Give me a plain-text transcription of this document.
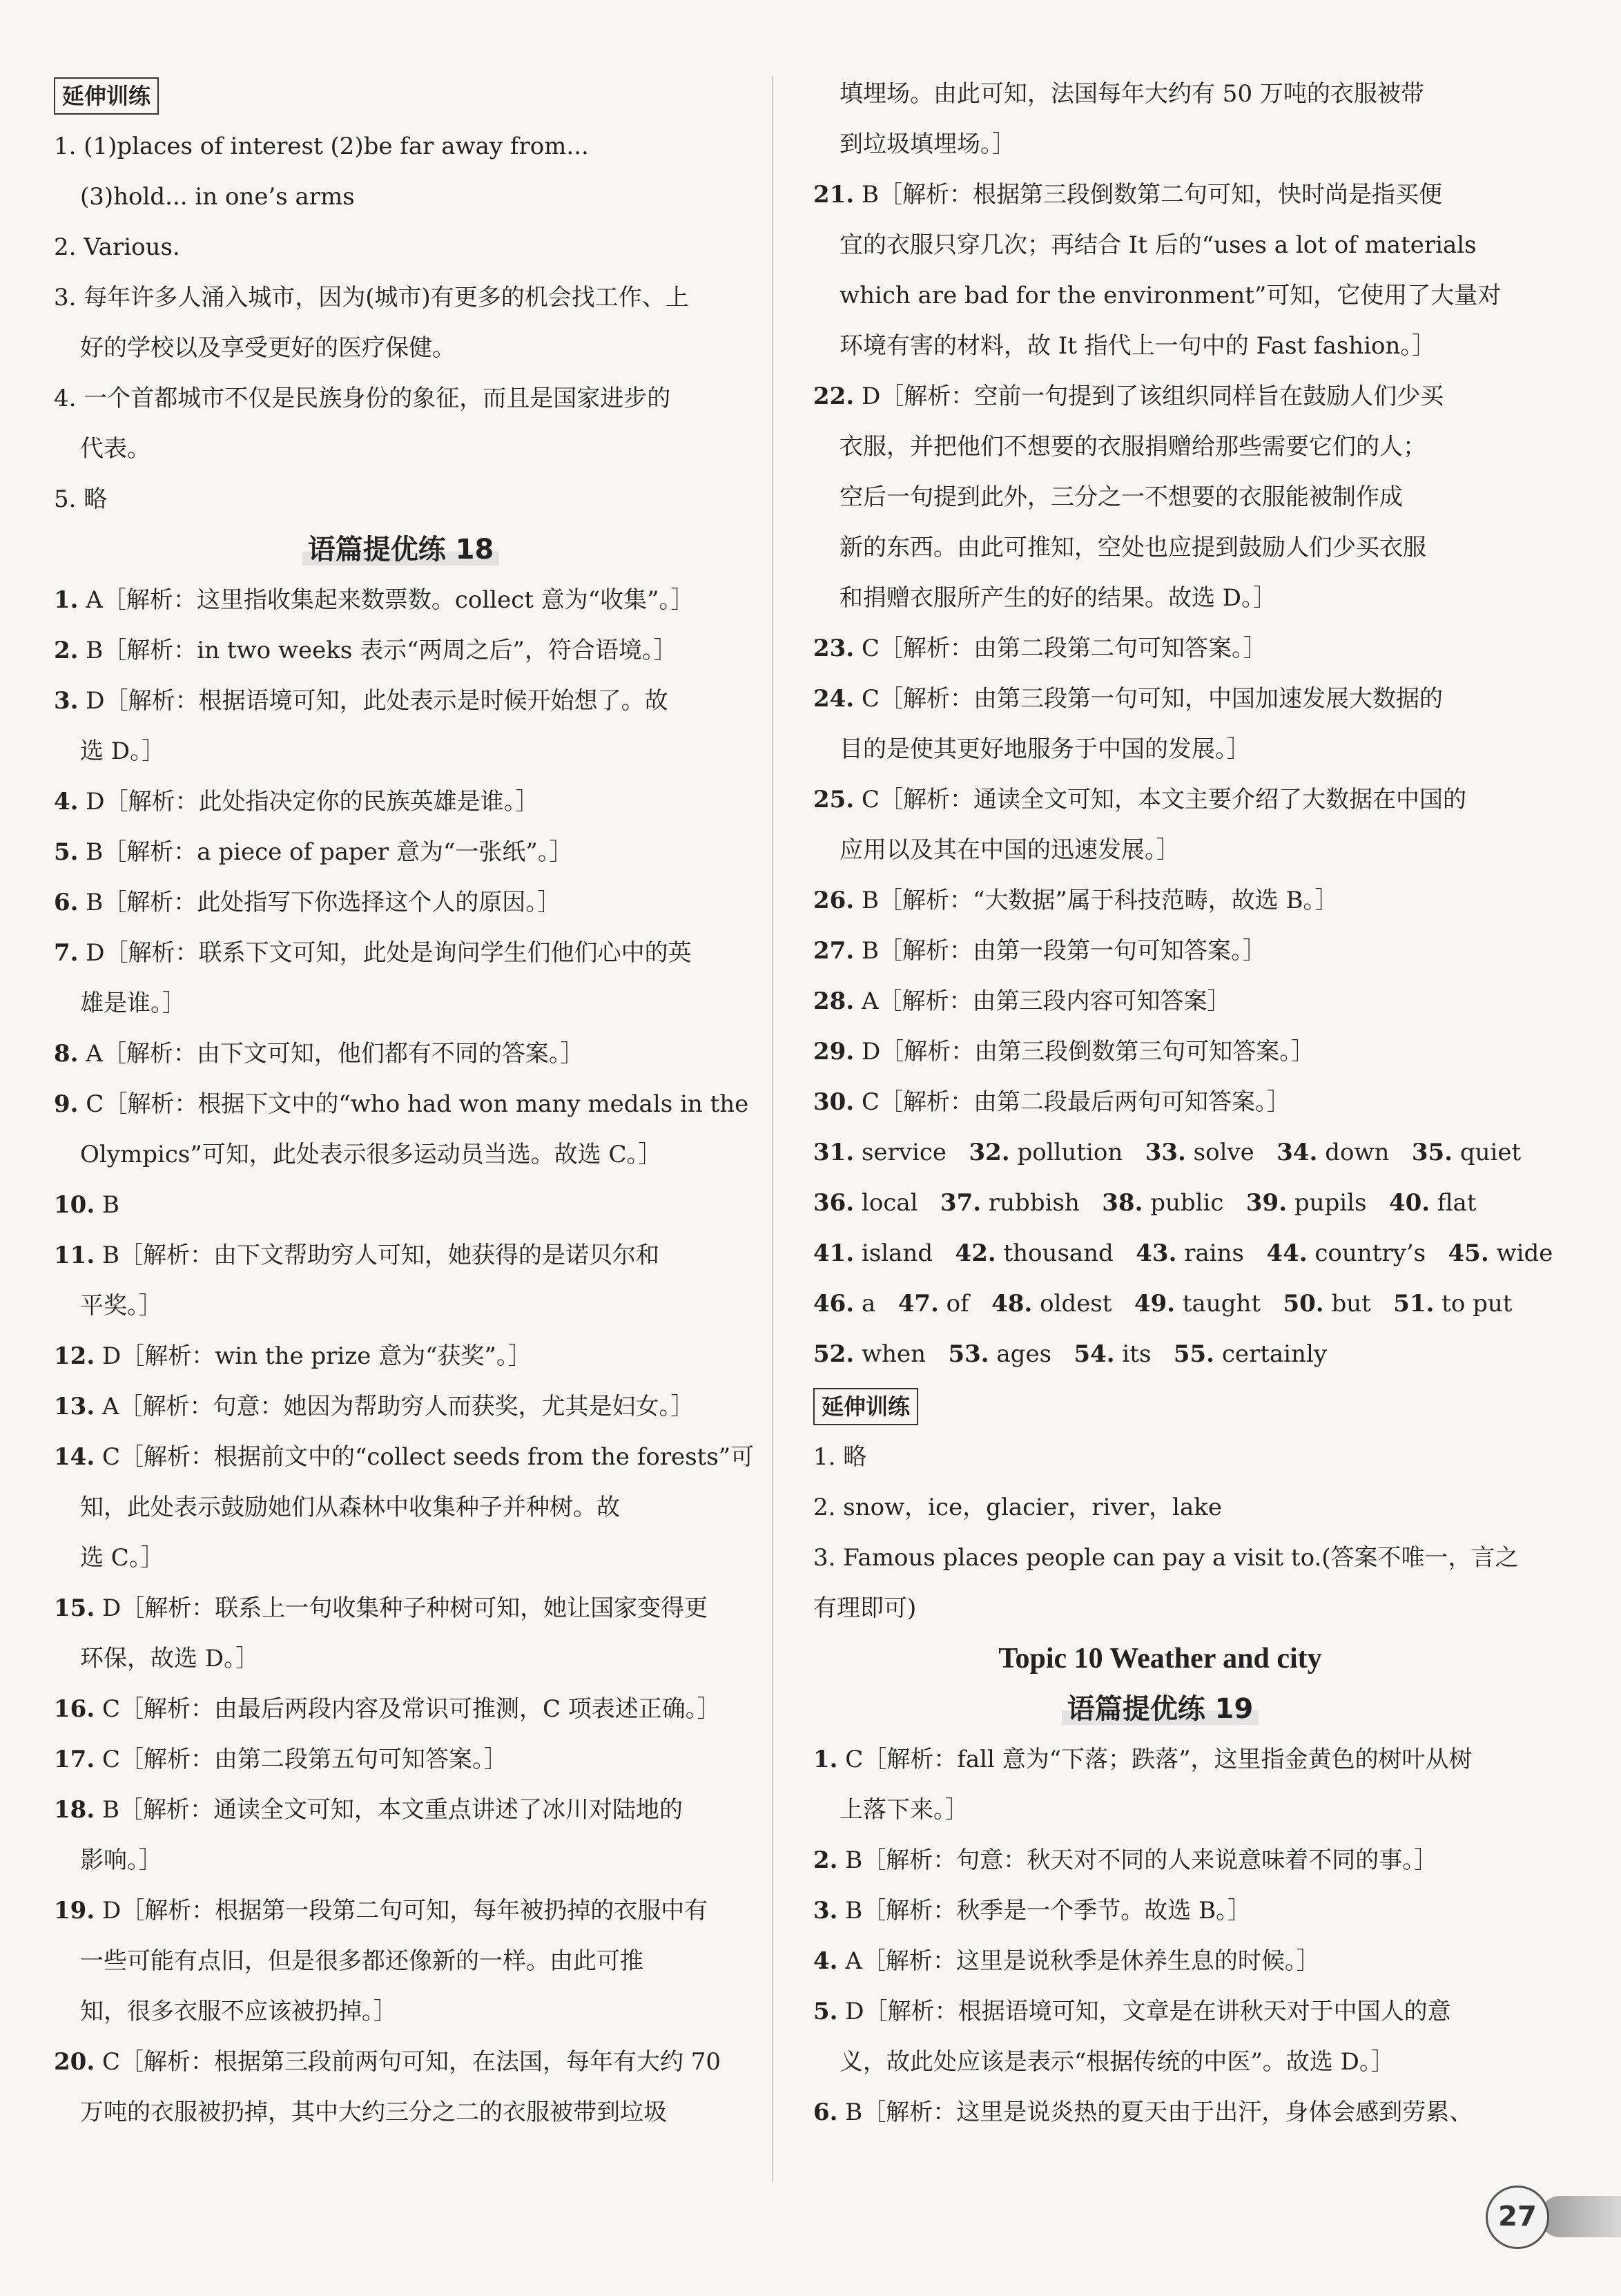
延伸训练
1. (1)places of interest (2)be far away from...
(3)hold... in one’s arms
2. Various.
3. 每年许多人涌入城市，因为(城市)有更多的机会找工作、上
好的学校以及享受更好的医疗保健。
4. 一个首都城市不仅是民族身份的象征，而且是国家进步的
代表。
5. 略
语篇提优练 18
1. A［解析：这里指收集起来数票数。collect 意为“收集”。］
2. B［解析：in two weeks 表示“两周之后”，符合语境。］
3. D［解析：根据语境可知，此处表示是时候开始想了。故
选 D。］
4. D［解析：此处指决定你的民族英雄是谁。］
5. B［解析：a piece of paper 意为“一张纸”。］
6. B［解析：此处指写下你选择这个人的原因。］
7. D［解析：联系下文可知，此处是询问学生们他们心中的英
雄是谁。］
8. A［解析：由下文可知，他们都有不同的答案。］
9. C［解析：根据下文中的“who had won many medals in the
Olympics”可知，此处表示很多运动员当选。故选 C。］
10. B
11. B［解析：由下文帮助穷人可知，她获得的是诺贝尔和
平奖。］
12. D［解析：win the prize 意为“获奖”。］
13. A［解析：句意：她因为帮助穷人而获奖，尤其是妇女。］
14. C［解析：根据前文中的“collect seeds from the forests”可
知，此处表示鼓励她们从森林中收集种子并种树。故
选 C。］
15. D［解析：联系上一句收集种子种树可知，她让国家变得更
环保，故选 D。］
16. C［解析：由最后两段内容及常识可推测，C 项表述正确。］
17. C［解析：由第二段第五句可知答案。］
18. B［解析：通读全文可知，本文重点讲述了冰川对陆地的
影响。］
19. D［解析：根据第一段第二句可知，每年被扔掉的衣服中有
一些可能有点旧，但是很多都还像新的一样。由此可推
知，很多衣服不应该被扔掉。］
20. C［解析：根据第三段前两句可知，在法国，每年有大约 70
万吨的衣服被扔掉，其中大约三分之二的衣服被带到垃圾
填埋场。由此可知，法国每年大约有 50 万吨的衣服被带
到垃圾填埋场。］
21. B［解析：根据第三段倒数第二句可知，快时尚是指买便
宜的衣服只穿几次；再结合 It 后的“uses a lot of materials
which are bad for the environment”可知，它使用了大量对
环境有害的材料，故 It 指代上一句中的 Fast fashion。］
22. D［解析：空前一句提到了该组织同样旨在鼓励人们少买
衣服，并把他们不想要的衣服捐赠给那些需要它们的人；
空后一句提到此外，三分之一不想要的衣服能被制作成
新的东西。由此可推知，空处也应提到鼓励人们少买衣服
和捐赠衣服所产生的好的结果。故选 D。］
23. C［解析：由第二段第二句可知答案。］
24. C［解析：由第三段第一句可知，中国加速发展大数据的
目的是使其更好地服务于中国的发展。］
25. C［解析：通读全文可知，本文主要介绍了大数据在中国的
应用以及其在中国的迅速发展。］
26. B［解析：“大数据”属于科技范畴，故选 B。］
27. B［解析：由第一段第一句可知答案。］
28. A［解析：由第三段内容可知答案］
29. D［解析：由第三段倒数第三句可知答案。］
30. C［解析：由第二段最后两句可知答案。］
31. service 32. pollution 33. solve 34. down 35. quiet
36. local 37. rubbish 38. public 39. pupils 40. flat
41. island 42. thousand 43. rains 44. country’s 45. wide
46. a 47. of 48. oldest 49. taught 50. but 51. to put
52. when 53. ages 54. its 55. certainly
延伸训练
1. 略
2. snow，ice，glacier，river，lake
3. Famous places people can pay a visit to.(答案不唯一，言之
有理即可)
Topic 10 Weather and city
语篇提优练 19
1. C［解析：fall 意为“下落；跌落”，这里指金黄色的树叶从树
上落下来。］
2. B［解析：句意：秋天对不同的人来说意味着不同的事。］
3. B［解析：秋季是一个季节。故选 B。］
4. A［解析：这里是说秋季是休养生息的时候。］
5. D［解析：根据语境可知，文章是在讲秋天对于中国人的意
义，故此处应该是表示“根据传统的中医”。故选 D。］
6. B［解析：这里是说炎热的夏天由于出汗，身体会感到劳累、
27
